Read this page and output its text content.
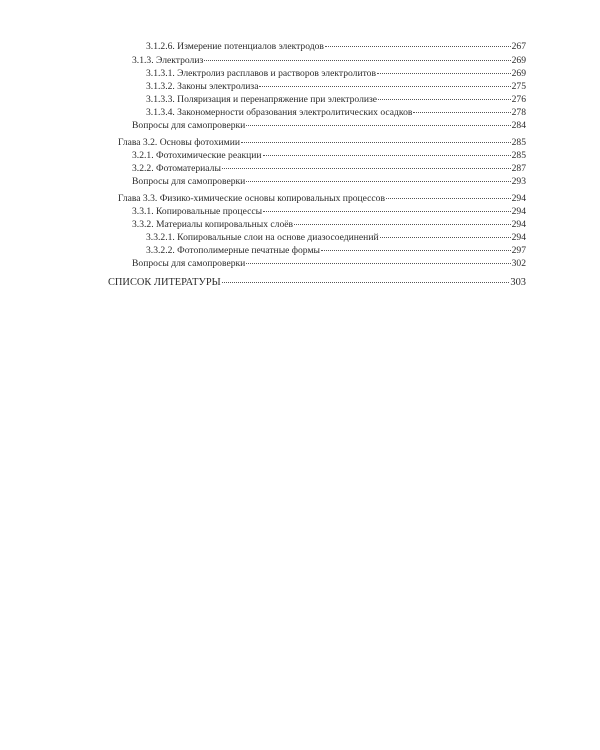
3.1.2.6. Измерение потенциалов электродов	267
3.1.3. Электролиз	269
3.1.3.1. Электролиз расплавов и растворов электролитов	269
3.1.3.2. Законы электролиза	275
3.1.3.3. Поляризация и перенапряжение при электролизе	276
3.1.3.4. Закономерности образования электролитических осадков	278
Вопросы для самопроверки	284
Глава 3.2. Основы фотохимии	285
3.2.1. Фотохимические реакции	285
3.2.2. Фотоматериалы	287
Вопросы для самопроверки	293
Глава 3.3. Физико-химические основы копировальных процессов	294
3.3.1. Копировальные процессы	294
3.3.2. Материалы копировальных слоёв	294
3.3.2.1. Копировальные слои на основе диазосоединений	294
3.3.2.2. Фотополимерные печатные формы	297
Вопросы для самопроверки	302
СПИСОК ЛИТЕРАТУРЫ	303
